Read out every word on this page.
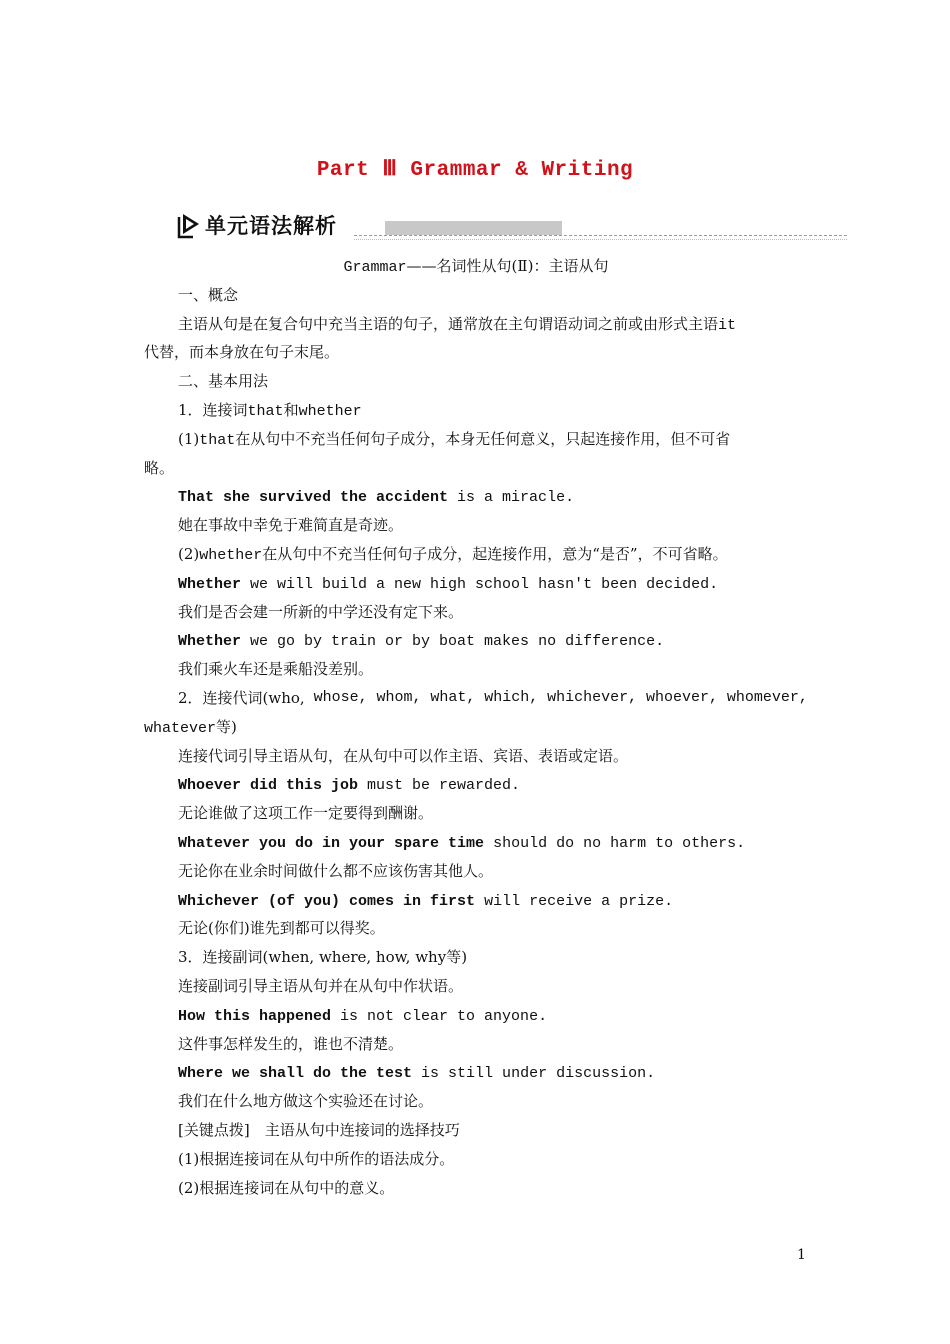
Part Ⅲ Grammar & Writing
单元语法解析
Grammar——名词性从句(Ⅱ)：主语从句
一、概念
主语从句是在复合句中充当主语的句子，通常放在主句谓语动词之前或由形式主语it
代替，而本身放在句子末尾。
二、基本用法
1．连接词that和whether
(1)that在从句中不充当任何句子成分，本身无任何意义，只起连接作用，但不可省
略。
That she survived the accident is a miracle.
她在事故中幸免于难简直是奇迹。
(2)whether在从句中不充当任何句子成分，起连接作用，意为“是否”，不可省略。
Whether we will build a new high school hasn't been decided.
我们是否会建一所新的中学还没有定下来。
Whether we go by train or by boat makes no difference.
我们乘火车还是乘船没差别。
2．连接代词(who, whose, whom, what, which, whichever, whoever, whomever,
whatever等)
连接代词引导主语从句，在从句中可以作主语、宾语、表语或定语。
Whoever did this job must be rewarded.
无论谁做了这项工作一定要得到酬谢。
Whatever you do in your spare time should do no harm to others.
无论你在业余时间做什么都不应该伤害其他人。
Whichever (of you) comes in first will receive a prize.
无论(你们)谁先到都可以得奖。
3．连接副词(when, where, how, why等)
连接副词引导主语从句并在从句中作状语。
How this happened is not clear to anyone.
这件事怎样发生的，谁也不清楚。
Where we shall do the test is still under discussion.
我们在什么地方做这个实验还在讨论。
[关键点拨]　主语从句中连接词的选择技巧
(1)根据连接词在从句中所作的语法成分。
(2)根据连接词在从句中的意义。
1
